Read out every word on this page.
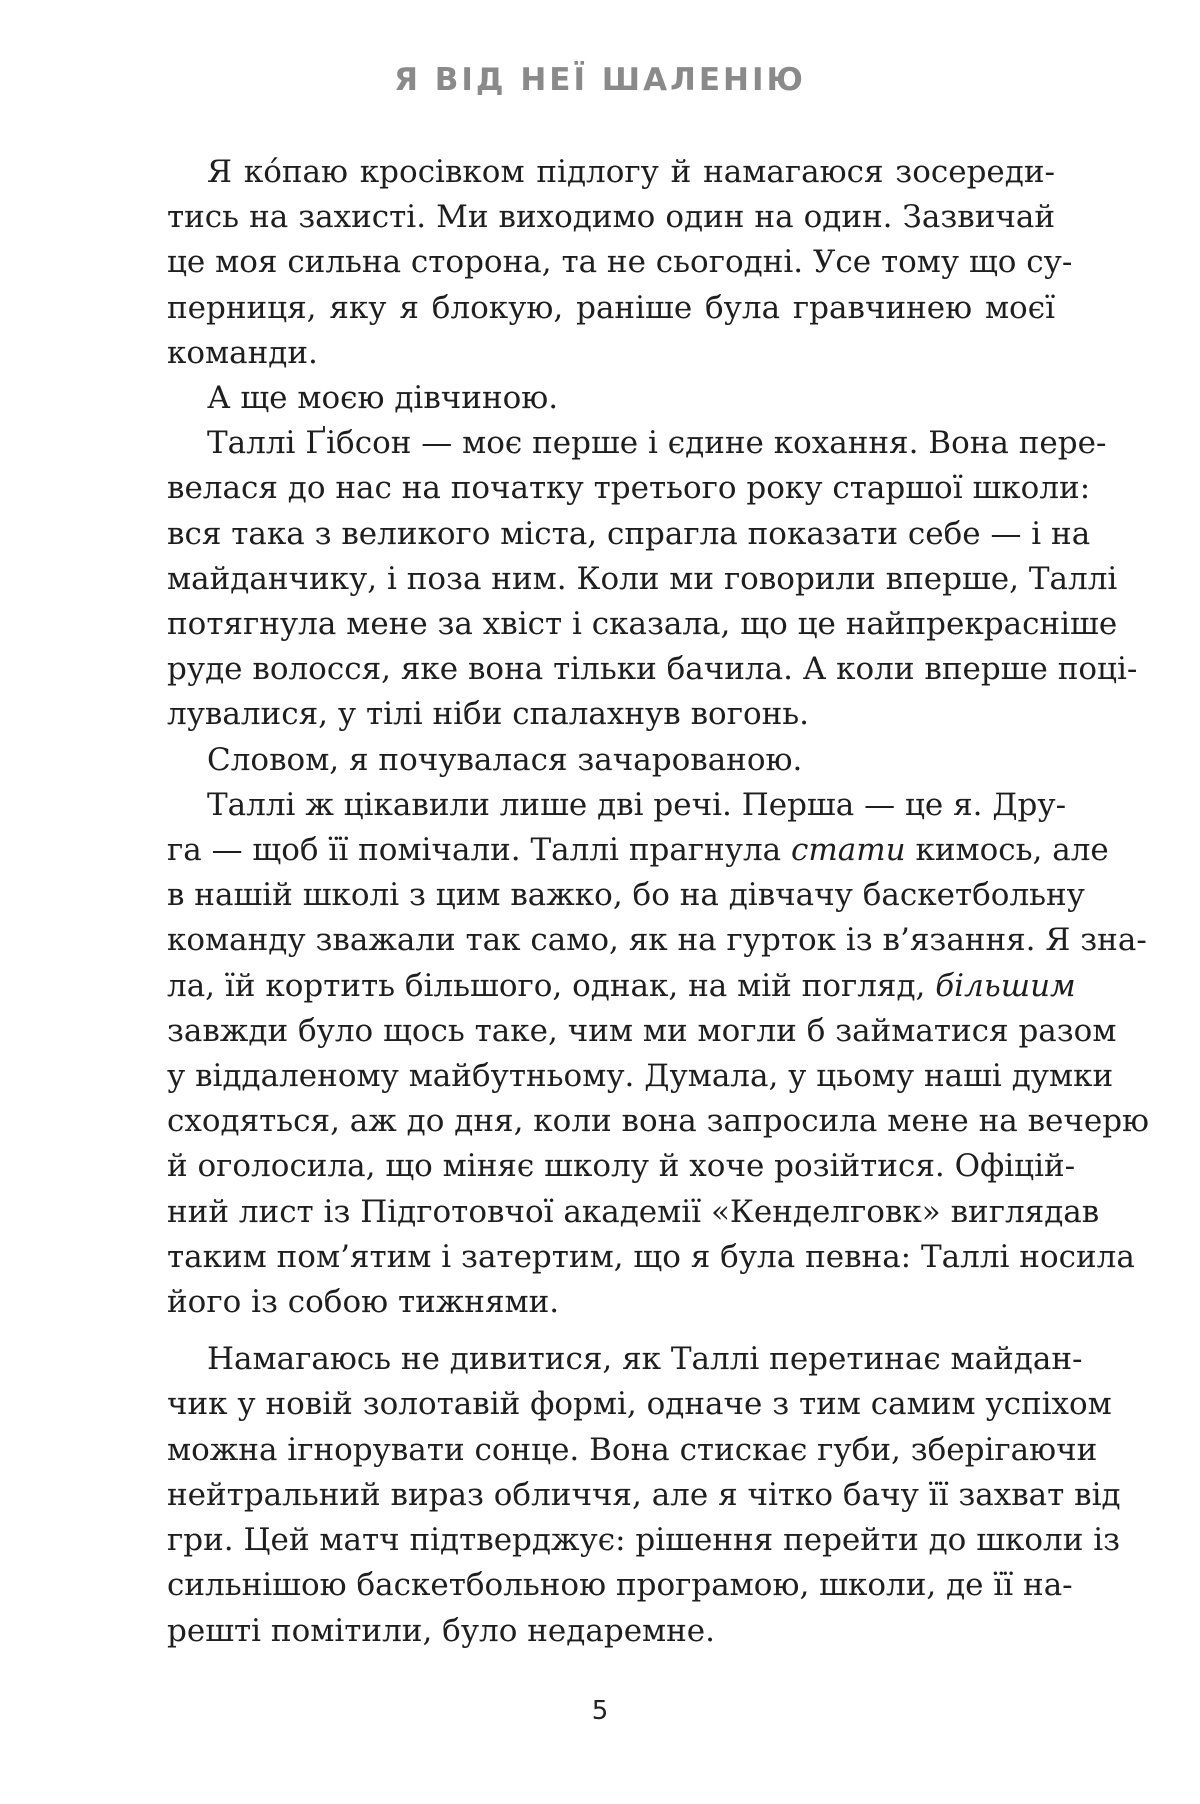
Я ВІД НЕЇ ШАЛЕНІЮ

Я ко́паю кросівком підлогу й намагаюся зосереди-
тись на захисті. Ми виходимо один на один. Зазвичай
це моя сильна сторона, та не сьогодні. Усе тому що су-
перниця, яку я блокую, раніше була гравчинею моєї
команди.

А ще моєю дівчиною.

Таллі Ґібсон — моє перше і єдине кохання. Вона пере-
велася до нас на початку третього року старшої школи:
вся така з великого міста, спрагла показати себе — і на
майданчику, і поза ним. Коли ми говорили вперше, Таллі
потягнула мене за хвіст і сказала, що це найпрекрасніше
руде волосся, яке вона тільки бачила. А коли вперше поці-
лувалися, у тілі ніби спалахнув вогонь.

Словом, я почувалася зачарованою.

Таллі ж цікавили лише дві речі. Перша — це я. Дру-
га — щоб її помічали. Таллі прагнула стати кимось, але
в нашій школі з цим важко, бо на дівчачу баскетбольну
команду зважали так само, як на гурток із в’язання. Я зна-
ла, їй кортить більшого, однак, на мій погляд, більшим
завжди було щось таке, чим ми могли б займатися разом
у віддаленому майбутньому. Думала, у цьому наші думки
сходяться, аж до дня, коли вона запросила мене на вечерю
й оголосила, що міняє школу й хоче розійтися. Офіцій-
ний лист із Підготовчої академії «Кенделговк» виглядав
таким пом’ятим і затертим, що я була певна: Таллі носила
його із собою тижнями.

Намагаюсь не дивитися, як Таллі перетинає майдан-
чик у новій золотавій формі, одначе з тим самим успіхом
можна ігнорувати сонце. Вона стискає губи, зберігаючи
нейтральний вираз обличчя, але я чітко бачу її захват від
гри. Цей матч підтверджує: рішення перейти до школи із
сильнішою баскетбольною програмою, школи, де її на-
решті помітили, було недаремне.

5
